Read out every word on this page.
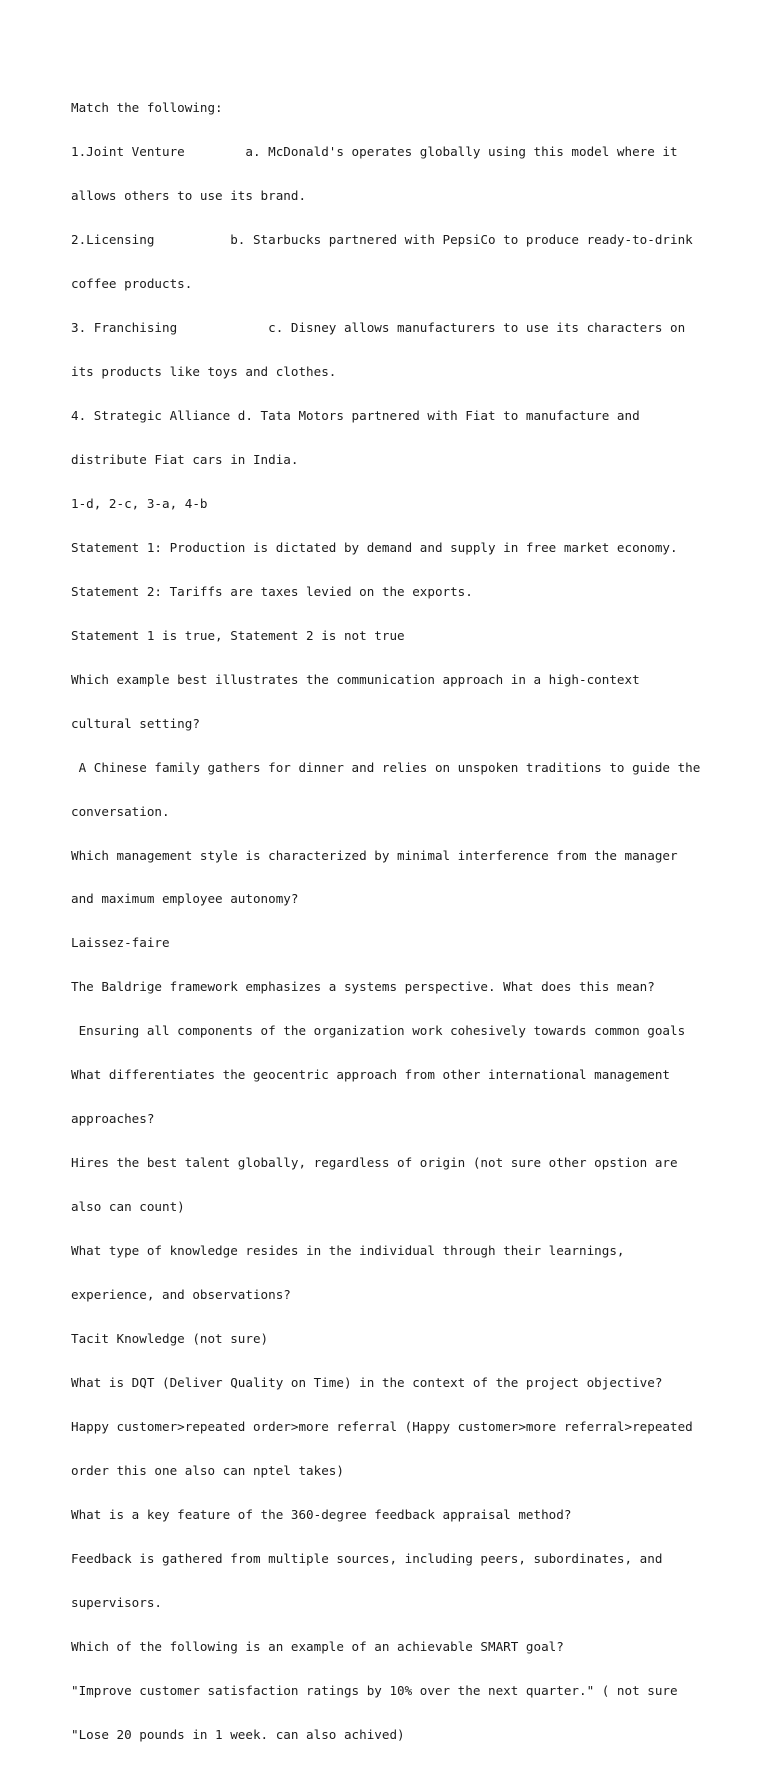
Match the following:

1.Joint Venture        a. McDonald's operates globally using this model where it

allows others to use its brand.

2.Licensing          b. Starbucks partnered with PepsiCo to produce ready-to-drink

coffee products.

3. Franchising            c. Disney allows manufacturers to use its characters on

its products like toys and clothes.

4. Strategic Alliance d. Tata Motors partnered with Fiat to manufacture and

distribute Fiat cars in India.

1-d, 2-c, 3-a, 4-b

Statement 1: Production is dictated by demand and supply in free market economy.

Statement 2: Tariffs are taxes levied on the exports.

Statement 1 is true, Statement 2 is not true

Which example best illustrates the communication approach in a high-context

cultural setting?

A Chinese family gathers for dinner and relies on unspoken traditions to guide the

conversation.

Which management style is characterized by minimal interference from the manager

and maximum employee autonomy?

Laissez-faire

The Baldrige framework emphasizes a systems perspective. What does this mean?

Ensuring all components of the organization work cohesively towards common goals

What differentiates the geocentric approach from other international management

approaches?

Hires the best talent globally, regardless of origin (not sure other opstion are

also can count)

What type of knowledge resides in the individual through their learnings,

experience, and observations?

Tacit Knowledge (not sure)

What is DQT (Deliver Quality on Time) in the context of the project objective?

Happy customer>repeated order>more referral (Happy customer>more referral>repeated

order this one also can nptel takes)

What is a key feature of the 360-degree feedback appraisal method?

Feedback is gathered from multiple sources, including peers, subordinates, and

supervisors.

Which of the following is an example of an achievable SMART goal?

"Improve customer satisfaction ratings by 10% over the next quarter." ( not sure

"Lose 20 pounds in 1 week. can also achived)
